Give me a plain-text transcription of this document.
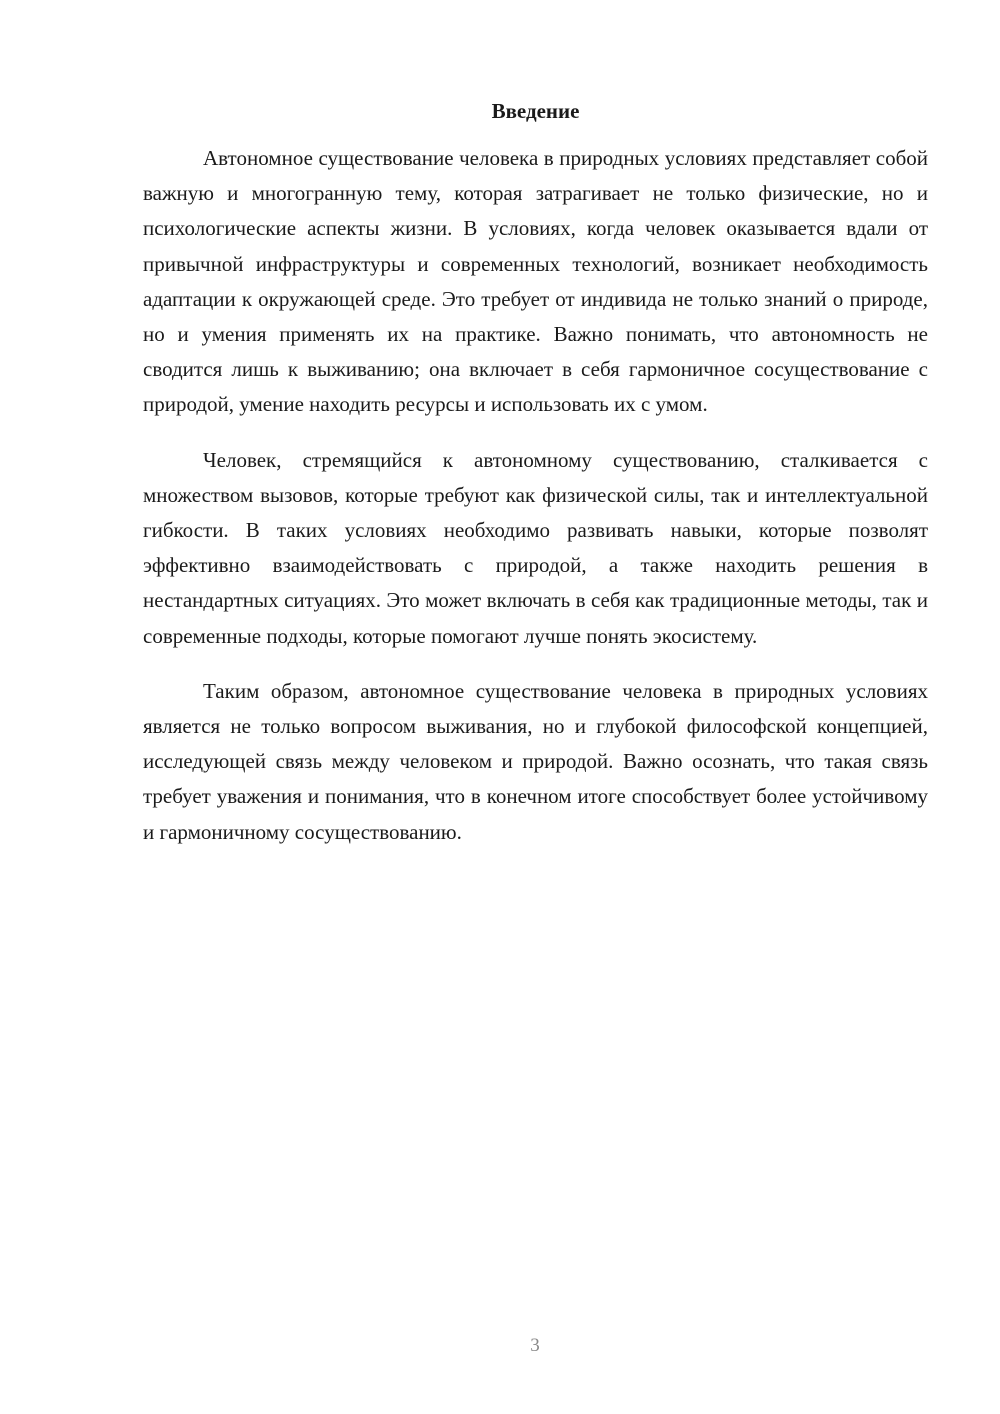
Введение

Автономное существование человека в природных условиях представляет собой важную и многогранную тему, которая затрагивает не только физические, но и психологические аспекты жизни. В условиях, когда человек оказывается вдали от привычной инфраструктуры и современных технологий, возникает необходимость адаптации к окружающей среде. Это требует от индивида не только знаний о природе, но и умения применять их на практике. Важно понимать, что автономность не сводится лишь к выживанию; она включает в себя гармоничное сосуществование с природой, умение находить ресурсы и использовать их с умом.

Человек, стремящийся к автономному существованию, сталкивается с множеством вызовов, которые требуют как физической силы, так и интеллектуальной гибкости. В таких условиях необходимо развивать навыки, которые позволят эффективно взаимодействовать с природой, а также находить решения в нестандартных ситуациях. Это может включать в себя как традиционные методы, так и современные подходы, которые помогают лучше понять экосистему.

Таким образом, автономное существование человека в природных условиях является не только вопросом выживания, но и глубокой философской концепцией, исследующей связь между человеком и природой. Важно осознать, что такая связь требует уважения и понимания, что в конечном итоге способствует более устойчивому и гармоничному сосуществованию.

3
